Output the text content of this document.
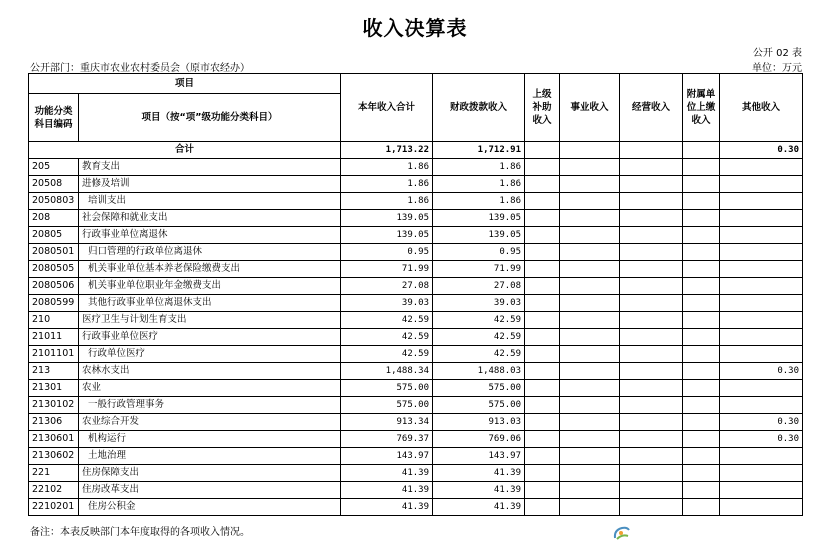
收入决算表
公开 02 表
公开部门：重庆市农业农村委员会（原市农经办）	单位：万元
项目		本年收入合计	财政拨款收入	上级补助收入	事业收入	经营收入	附属单位上缴收入	其他收入
功能分类科目编码	项目（按“项”级功能分类科目）							
合计		1,713.22	1,712.91					0.30
205	教育支出	1.86	1.86					
20508	进修及培训	1.86	1.86					
2050803	培训支出	1.86	1.86					
208	社会保障和就业支出	139.05	139.05					
20805	行政事业单位离退休	139.05	139.05					
2080501	归口管理的行政单位离退休	0.95	0.95					
2080505	机关事业单位基本养老保险缴费支出	71.99	71.99					
2080506	机关事业单位职业年金缴费支出	27.08	27.08					
2080599	其他行政事业单位离退休支出	39.03	39.03					
210	医疗卫生与计划生育支出	42.59	42.59					
21011	行政事业单位医疗	42.59	42.59					
2101101	行政单位医疗	42.59	42.59					
213	农林水支出	1,488.34	1,488.03					0.30
21301	农业	575.00	575.00					
2130102	一般行政管理事务	575.00	575.00					
21306	农业综合开发	913.34	913.03					0.30
2130601	机构运行	769.37	769.06					0.30
2130602	土地治理	143.97	143.97					
221	住房保障支出	41.39	41.39					
22102	住房改革支出	41.39	41.39					
2210201	住房公积金	41.39	41.39					
备注：本表反映部门本年度取得的各项收入情况。
